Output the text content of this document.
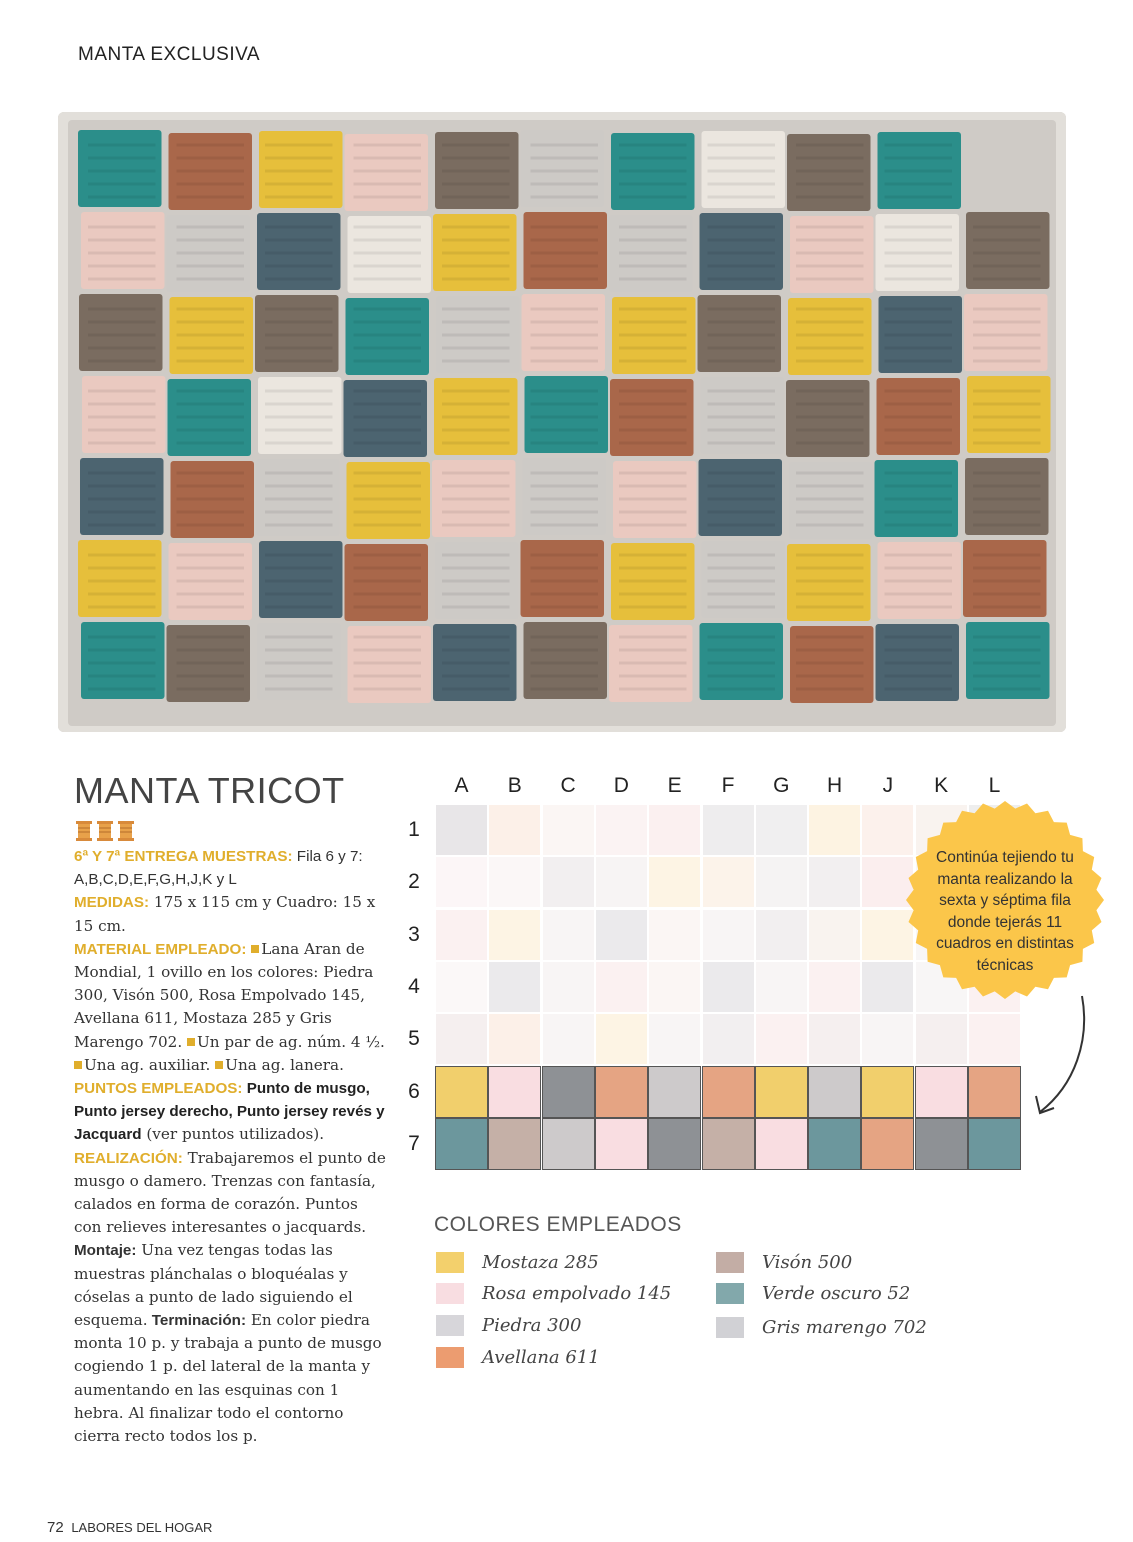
MANTA EXCLUSIVA
MANTA TRICOT
6ª Y 7ª ENTREGA MUESTRAS: Fila 6 y 7: A,B,C,D,E,F,G,H,J,K y L
MEDIDAS: 175 x 115 cm y Cuadro: 15 x 15 cm.
MATERIAL EMPLEADO: Lana Aran de Mondial, 1 ovillo en los colores: Piedra 300, Visón 500, Rosa Empolvado 145, Avellana 611, Mostaza 285 y Gris Marengo 702. Un par de ag. núm. 4 ½. Una ag. auxiliar. Una ag. lanera.
PUNTOS EMPLEADOS: Punto de musgo, Punto jersey derecho, Punto jersey revés y Jacquard (ver puntos utilizados).
REALIZACIÓN: Trabajaremos el punto de musgo o damero. Trenzas con fantasía, calados en forma de corazón. Puntos con relieves interesantes o jacquards. Montaje: Una vez tengas todas las muestras plánchalas o bloquéalas y cóselas a punto de lado siguiendo el esquema. Terminación: En color piedra monta 10 p. y trabaja a punto de musgo cogiendo 1 p. del lateral de la manta y aumentando en las esquinas con 1 hebra. Al finalizar todo el contorno cierra recto todos los p.
A	B	C	D	E	F	G	H	J	K	L
1
2
3
4
5
6
7
Continúa tejiendo tu manta realizando la sexta y séptima fila donde tejerás 11 cuadros en distintas técnicas
COLORES EMPLEADOS
Mostaza 285
Rosa empolvado 145
Piedra 300
Avellana 611
Visón 500
Verde oscuro 52
Gris marengo 702
72 LABORES DEL HOGAR
